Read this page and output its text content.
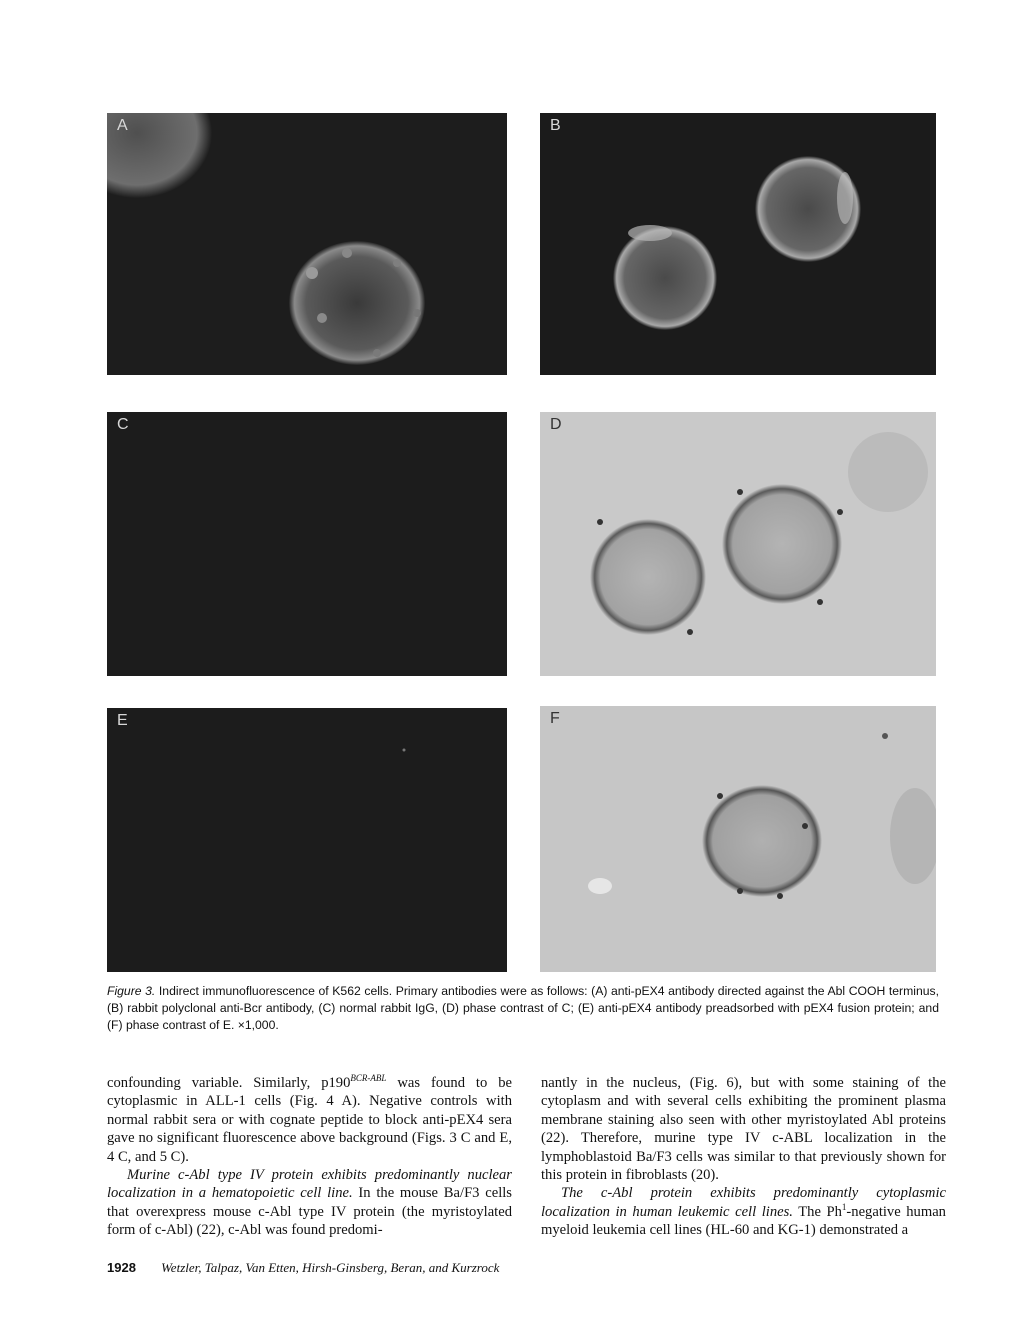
A	B
C	D
E	F
Figure 3. Indirect immunofluorescence of K562 cells. Primary antibodies were as follows: (A) anti-pEX4 antibody directed against the Abl COOH terminus, (B) rabbit polyclonal anti-Bcr antibody, (C) normal rabbit IgG, (D) phase contrast of C; (E) anti-pEX4 antibody preadsorbed with pEX4 fusion protein; and (F) phase contrast of E. ×1,000.

confounding variable. Similarly, $p190^{BCR-ABL}$ was found to be cytoplasmic in ALL-1 cells (Fig. 4 A). Negative controls with normal rabbit sera or with cognate peptide to block anti-pEX4 sera gave no significant fluorescence above background (Figs. 3 C and E, 4 C, and 5 C).

Murine c-Abl type IV protein exhibits predominantly nuclear localization in a hematopoietic cell line. In the mouse Ba/F3 cells that overexpress mouse c-Abl type IV protein (the myristoylated form of c-Abl) (22), c-Abl was found predomi-

nantly in the nucleus, (Fig. 6), but with some staining of the cytoplasm and with several cells exhibiting the prominent plasma membrane staining also seen with other myristoylated Abl proteins (22). Therefore, murine type IV c-ABL localization in the lymphoblastoid Ba/F3 cells was similar to that previously shown for this protein in fibroblasts (20).

The c-Abl protein exhibits predominantly cytoplasmic localization in human leukemic cell lines. The Ph$^1$-negative human myeloid leukemia cell lines (HL-60 and KG-1) demonstrated a

1928 Wetzler, Talpaz, Van Etten, Hirsh-Ginsberg, Beran, and Kurzrock
